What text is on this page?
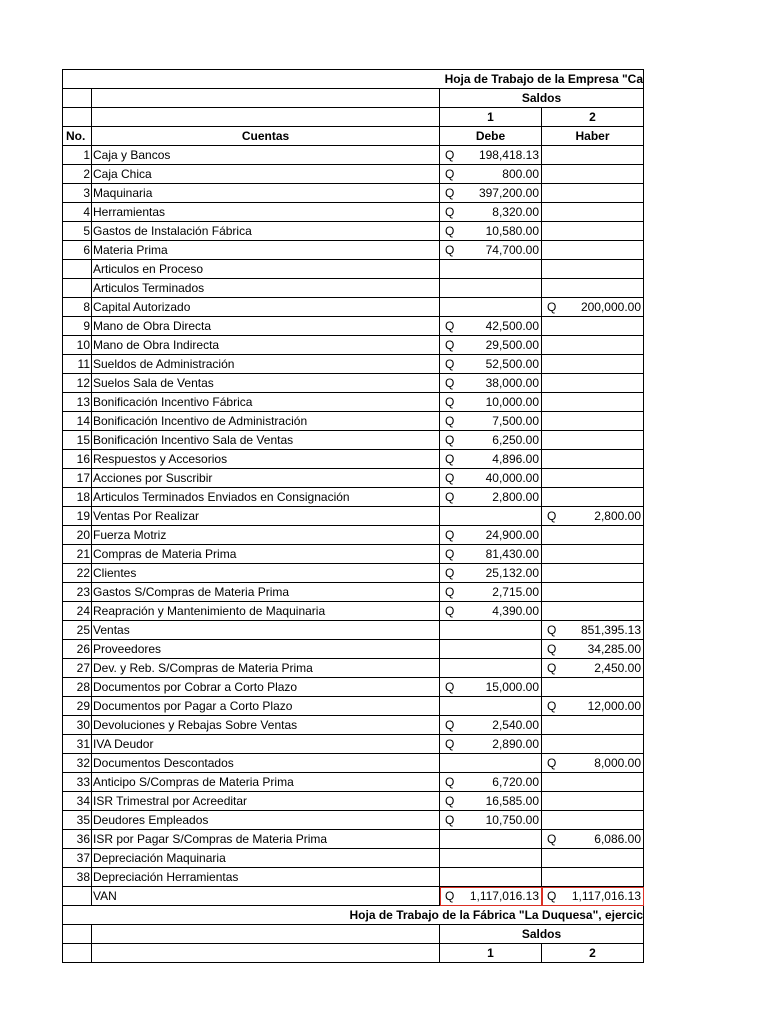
Hoja de Trabajo de la Empresa "Ca			
		Saldos	
		1	2
No.	Cuentas	Debe	Haber
1	Caja y Bancos	Q 198,418.13	

2	Caja Chica	Q 800.00	

3	Maquinaria	Q 397,200.00	

4	Herramientas	Q 8,320.00	

5	Gastos de Instalación Fábrica	Q 10,580.00	

6	Materia Prima	Q 74,700.00	

	Articulos en Proceso	

	Articulos Terminados	

8	Capital Autorizado		Q 200,000.00

9	Mano de Obra Directa	Q 42,500.00	

10	Mano de Obra Indirecta	Q 29,500.00	

11	Sueldos de Administración	Q 52,500.00	

12	Suelos Sala de Ventas	Q 38,000.00	

13	Bonificación Incentivo Fábrica	Q 10,000.00	

14	Bonificación Incentivo de Administración	Q 7,500.00	

15	Bonificación Incentivo Sala de Ventas	Q 6,250.00	

16	Respuestos y Accesorios	Q 4,896.00	

17	Acciones por Suscribir	Q 40,000.00	

18	Articulos Terminados Enviados en Consignación	Q 2,800.00	

19	Ventas Por Realizar		Q 2,800.00

20	Fuerza Motriz	Q 24,900.00	

21	Compras de Materia Prima	Q 81,430.00	

22	Clientes	Q 25,132.00	

23	Gastos S/Compras de Materia Prima	Q 2,715.00	

24	Reapración y Mantenimiento de Maquinaria	Q 4,390.00	

25	Ventas		Q 851,395.13

26	Proveedores		Q 34,285.00

27	Dev. y Reb. S/Compras de Materia Prima		Q 2,450.00

28	Documentos por Cobrar a Corto Plazo	Q 15,000.00	

29	Documentos por Pagar a Corto Plazo		Q 12,000.00

30	Devoluciones y Rebajas Sobre Ventas	Q 2,540.00	

31	IVA Deudor	Q 2,890.00	

32	Documentos Descontados		Q 8,000.00

33	Anticipo S/Compras de Materia Prima	Q 6,720.00	

34	ISR Trimestral por Acreeditar	Q 16,585.00	

35	Deudores Empleados	Q 10,750.00	

36	ISR por Pagar S/Compras de Materia Prima		Q 6,086.00

37	Depreciación Maquinaria	

38	Depreciación Herramientas	

	VAN	Q 1,117,016.13	Q 1,117,016.13

Hoja de Trabajo de la Fábrica "La Duquesa", ejercic			
		Saldos	
		1	2
